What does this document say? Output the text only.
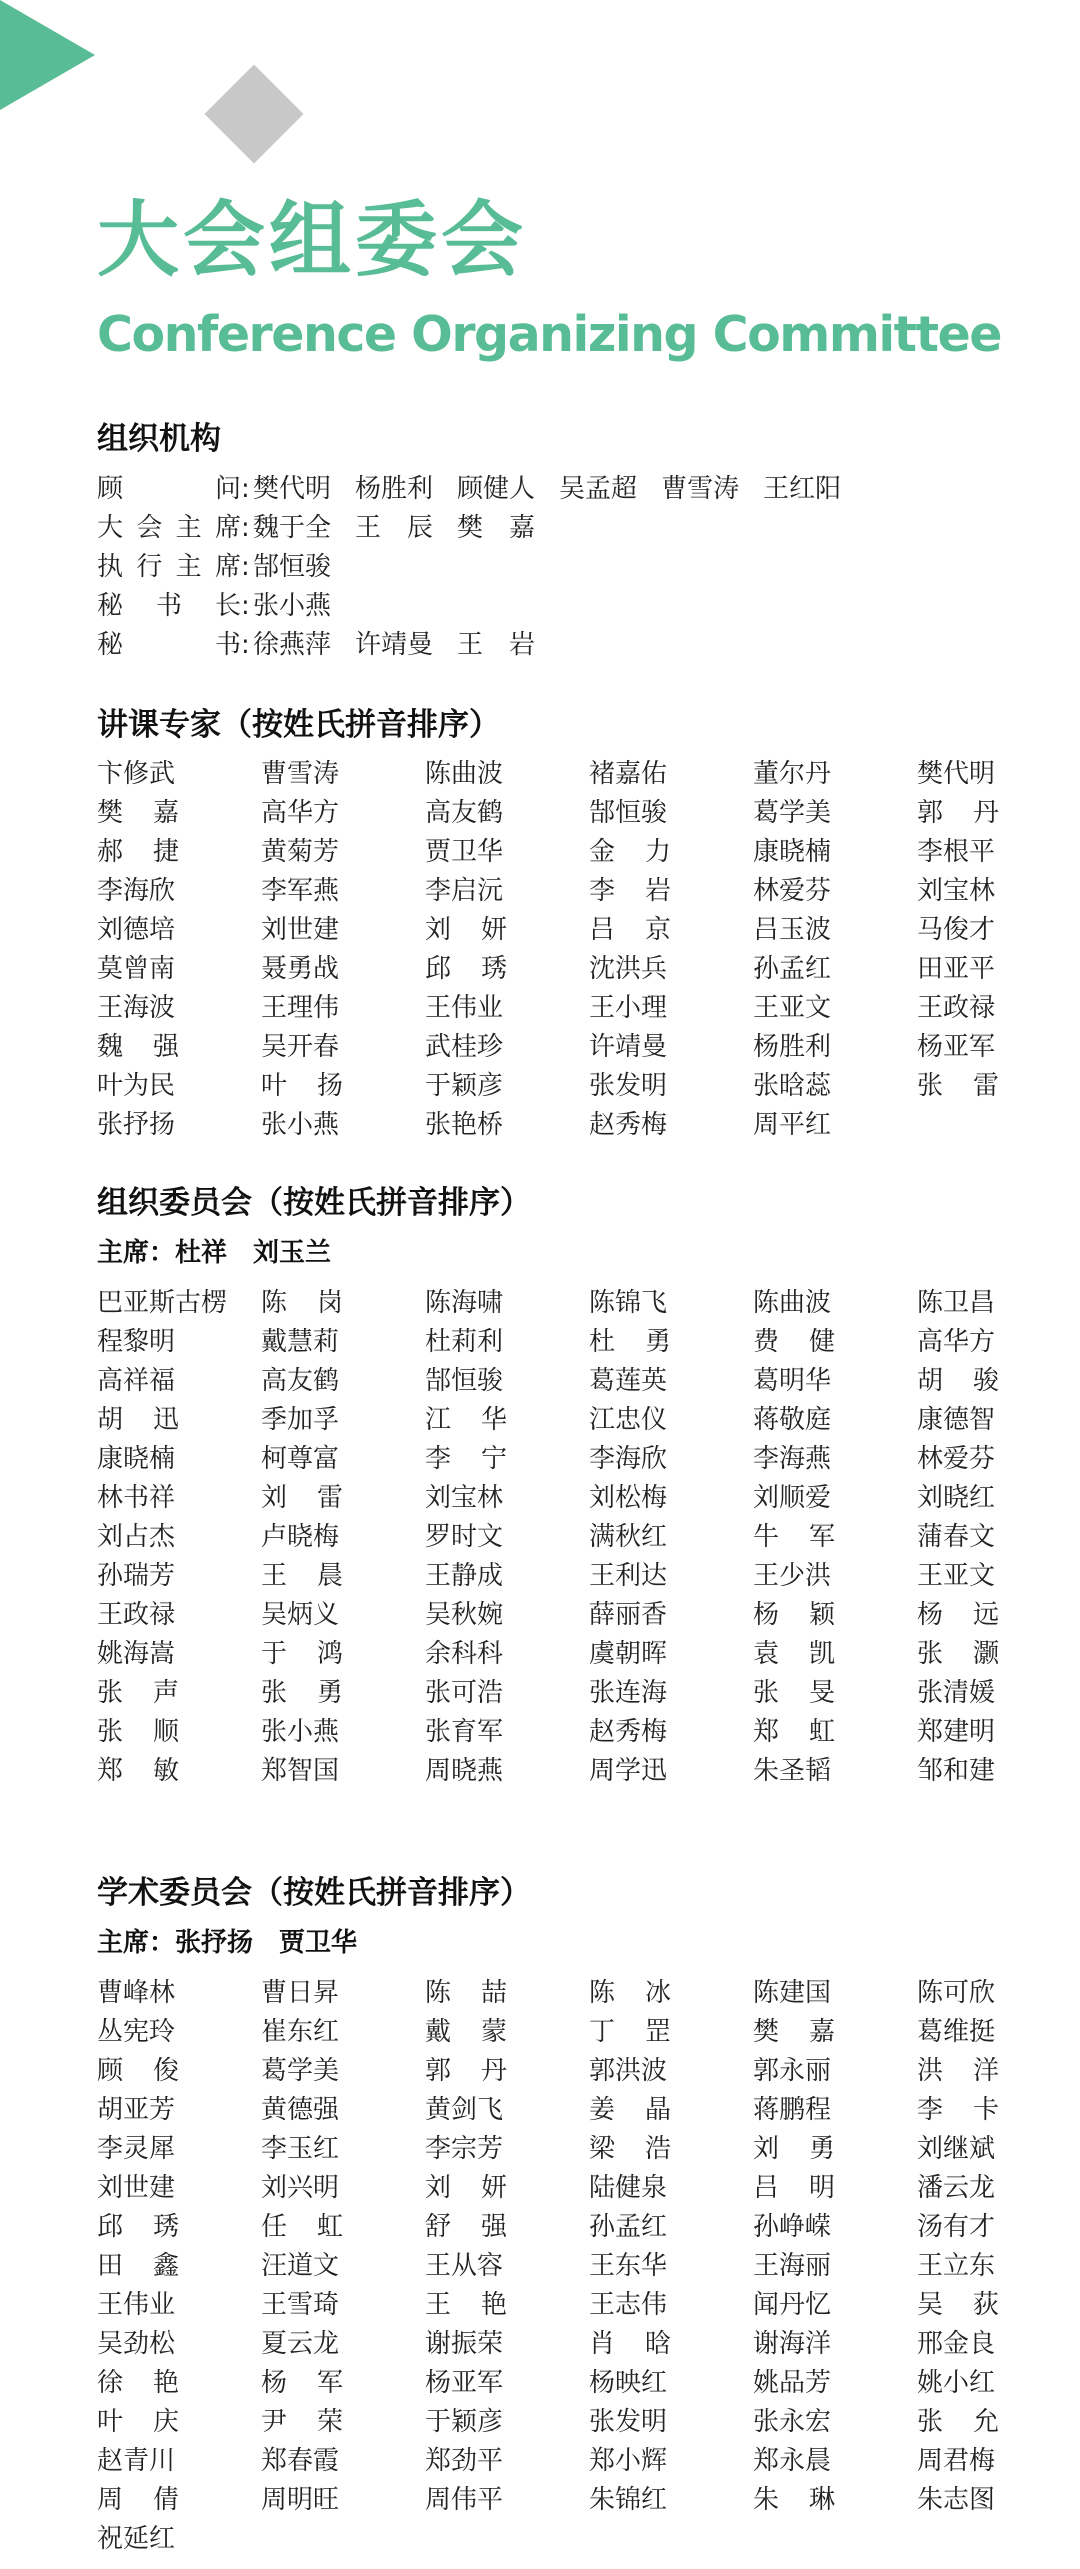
大会组委会
Conference Organizing Committee
组织机构
顾	问 : 樊代明 杨胜利 顾健人 吴孟超 曹雪涛 王红阳
大 会 主 席 : 魏于全 王　辰 樊　嘉
执 行 主 席 : 郜恒骏
秘 书 长 : 张小燕
秘	书 : 徐燕萍 许靖曼 王　岩
讲课专家（按姓氏拼音排序）
卞修武	曹雪涛	陈曲波	褚嘉佑	董尔丹	樊代明
樊嘉	高华方	高友鹤	郜恒骏	葛学美	郭丹
郝捷	黄菊芳	贾卫华	金力	康晓楠	李根平
李海欣	李军燕	李启沅	李岩	林爱芬	刘宝林
刘德培	刘世建	刘妍	吕京	吕玉波	马俊才
莫曾南	聂勇战	邱琇	沈洪兵	孙孟红	田亚平
王海波	王理伟	王伟业	王小理	王亚文	王政禄
魏强	吴开春	武桂珍	许靖曼	杨胜利	杨亚军
叶为民	叶扬	于颖彦	张发明	张晗蕊	张雷
张抒扬	张小燕	张艳桥	赵秀梅	周平红
组织委员会（按姓氏拼音排序）
主席：杜祥　刘玉兰
巴亚斯古楞	陈岗	陈海啸	陈锦飞	陈曲波	陈卫昌
程黎明	戴慧莉	杜莉利	杜勇	费健	高华方
高祥福	高友鹤	郜恒骏	葛莲英	葛明华	胡骏
胡迅	季加孚	江华	江忠仪	蒋敬庭	康德智
康晓楠	柯尊富	李宁	李海欣	李海燕	林爱芬
林书祥	刘雷	刘宝林	刘松梅	刘顺爱	刘晓红
刘占杰	卢晓梅	罗时文	满秋红	牛军	蒲春文
孙瑞芳	王晨	王静成	王利达	王少洪	王亚文
王政禄	吴炳义	吴秋婉	薛丽香	杨颖	杨远
姚海嵩	于鸿	余科科	虞朝晖	袁凯	张灏
张声	张勇	张可浩	张连海	张旻	张清媛
张顺	张小燕	张育军	赵秀梅	郑虹	郑建明
郑敏	郑智国	周晓燕	周学迅	朱圣韬	邹和建
学术委员会（按姓氏拼音排序）
主席：张抒扬　贾卫华
曹峰林	曹日昇	陈喆	陈冰	陈建国	陈可欣
丛宪玲	崔东红	戴蒙	丁罡	樊嘉	葛维挺
顾俊	葛学美	郭丹	郭洪波	郭永丽	洪洋
胡亚芳	黄德强	黄剑飞	姜晶	蒋鹏程	李卡
李灵犀	李玉红	李宗芳	梁浩	刘勇	刘继斌
刘世建	刘兴明	刘妍	陆健泉	吕明	潘云龙
邱琇	任虹	舒强	孙孟红	孙峥嵘	汤有才
田鑫	汪道文	王从容	王东华	王海丽	王立东
王伟业	王雪琦	王艳	王志伟	闻丹忆	吴荻
吴劲松	夏云龙	谢振荣	肖晗	谢海洋	邢金良
徐艳	杨军	杨亚军	杨映红	姚品芳	姚小红
叶庆	尹荣	于颖彦	张发明	张永宏	张允
赵青川	郑春霞	郑劲平	郑小辉	郑永晨	周君梅
周倩	周明旺	周伟平	朱锦红	朱琳	朱志图
祝延红
